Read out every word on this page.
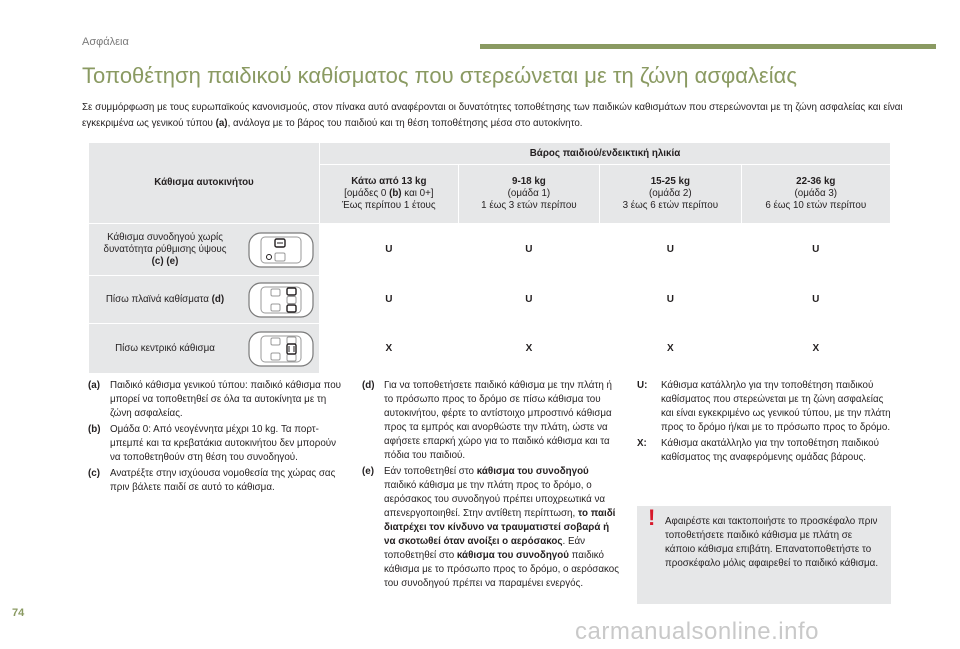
Ασφάλεια
Τοποθέτηση παιδικού καθίσματος που στερεώνεται με τη ζώνη ασφαλείας

Σε συμμόρφωση με τους ευρωπαϊκούς κανονισμούς, στον πίνακα αυτό αναφέρονται οι δυνατότητες τοποθέτησης των παιδικών καθισμάτων που στερεώνονται με τη ζώνη ασφαλείας και είναι εγκεκριμένα ως γενικού τύπου (a), ανάλογα με το βάρος του παιδιού και τη θέση τοποθέτησης μέσα στο αυτοκίνητο.

Κάθισμα αυτοκινήτου	Βάρος παιδιού/ενδεικτική ηλικία			
	Κάτω από 13 kg
[ομάδες 0 (b) και 0+]
Έως περίπου 1 έτους	9-18 kg
(ομάδα 1)
1 έως 3 ετών περίπου	15-25 kg
(ομάδα 2)
3 έως 6 ετών περίπου	22-36 kg
(ομάδα 3)
6 έως 10 ετών περίπου

Κάθισμα συνοδηγού χωρίς δυνατότητα ρύθμισης ύψους
(c) (e)	U	U	U	U

Πίσω πλαϊνά καθίσματα (d)	U	U	U	U

Πίσω κεντρικό κάθισμα	X	X	X	X
(a)	Παιδικό κάθισμα γενικού τύπου: παιδικό κάθισμα που μπορεί να τοποθετηθεί σε όλα τα αυτοκίνητα με τη ζώνη ασφαλείας.
(b) Ομάδα 0: Από νεογέννητα μέχρι 10 kg. Τα πορτ-μπεμπέ και τα κρεβατάκια αυτοκινήτου δεν μπορούν να τοποθετηθούν στη θέση του συνοδηγού.
(c)	Ανατρέξτε στην ισχύουσα νομοθεσία της χώρας σας πριν βάλετε παιδί σε αυτό το κάθισμα.
(d) Για να τοποθετήσετε παιδικό κάθισμα με την πλάτη ή το πρόσωπο προς το δρόμο σε πίσω κάθισμα του αυτοκινήτου, φέρτε το αντίστοιχο μπροστινό κάθισμα προς τα εμπρός και ανορθώστε την πλάτη, ώστε να αφήσετε επαρκή χώρο για το παιδικό κάθισμα και τα πόδια του παιδιού.
(e)	Εάν τοποθετηθεί στο κάθισμα του συνοδηγού παιδικό κάθισμα με την πλάτη προς το δρόμο, ο αερόσακος του συνοδηγού πρέπει υποχρεωτικά να απενεργοποιηθεί. Στην αντίθετη περίπτωση, το παιδί διατρέχει τον κίνδυνο να τραυματιστεί σοβαρά ή να σκοτωθεί όταν ανοίξει ο αερόσακος. Εάν τοποθετηθεί στο κάθισμα του συνοδηγού παιδικό κάθισμα με το πρόσωπο προς το δρόμο, ο αερόσακος του συνοδηγού πρέπει να παραμένει ενεργός.
U:	Κάθισμα κατάλληλο για την τοποθέτηση παιδικού καθίσματος που στερεώνεται με τη ζώνη ασφαλείας και είναι εγκεκριμένο ως γενικού τύπου, με την πλάτη προς το δρόμο ή/και με το πρόσωπο προς το δρόμο.
X:	Κάθισμα ακατάλληλο για την τοποθέτηση παιδικού καθίσματος της αναφερόμενης ομάδας βάρους.
! Αφαιρέστε και τακτοποιήστε το προσκέφαλο πριν τοποθετήσετε παιδικό κάθισμα με πλάτη σε κάποιο κάθισμα επιβάτη. Επανατοποθετήστε το προσκέφαλο μόλις αφαιρεθεί το παιδικό κάθισμα.
74
carmanualsonline.info
